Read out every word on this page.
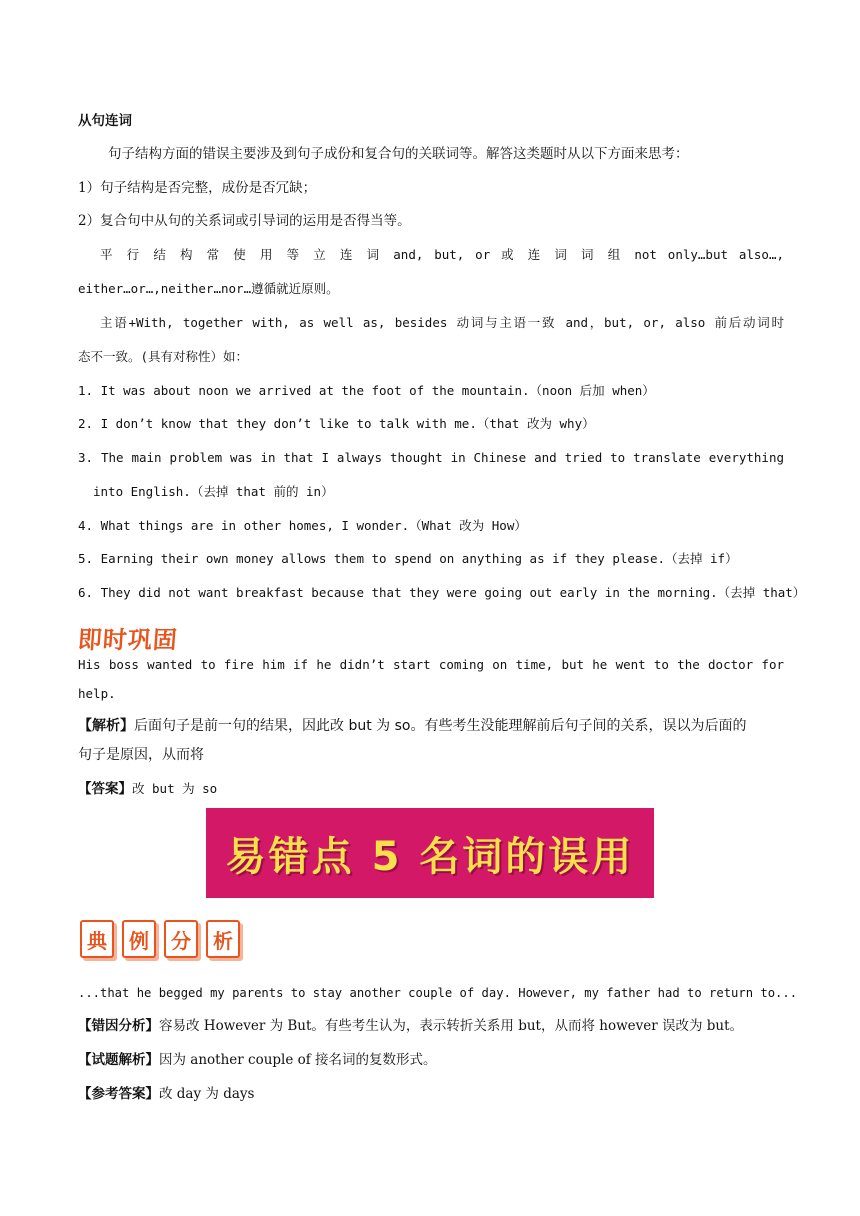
从句连词
句子结构方面的错误主要涉及到句子成份和复合句的关联词等。解答这类题时从以下方面来思考：
1）句子结构是否完整，成份是否冗缺；
2）复合句中从句的关系词或引导词的运用是否得当等。
平 行 结 构 常 使 用 等 立 连 词 and, but, or 或 连 词 词 组 not only…but also…,
either…or…,neither…nor…遵循就近原则。
主语+With, together with, as well as, besides 动词与主语一致 and，but, or, also 前后动词时
态不一致。(具有对称性）如：
1. It was about noon we arrived at the foot of the mountain.（noon 后加 when）
2. I don’t know that they don’t like to talk with me.（that 改为 why）
3. The main problem was in that I always thought in Chinese and tried to translate everything
into English.（去掉 that 前的 in）
4. What things are in other homes, I wonder.（What 改为 How）
5. Earning their own money allows them to spend on anything as if they please.（去掉 if）
6. They did not want breakfast because that they were going out early in the morning.（去掉 that）
即时巩固
His boss wanted to fire him if he didn’t start coming on time, but he went to the doctor for
help.
【解析】后面句子是前一句的结果，因此改 but 为 so。有些考生没能理解前后句子间的关系，误以为后面的
句子是原因，从而将
【答案】改 but 为 so
易错点 5 名词的误用
典	例	分	析
...that he begged my parents to stay another couple of day. However, my father had to return to...
【错因分析】容易改 However 为 But。有些考生认为，表示转折关系用 but，从而将 however 误改为 but。
【试题解析】因为 another couple of 接名词的复数形式。
【参考答案】改 day 为 days
